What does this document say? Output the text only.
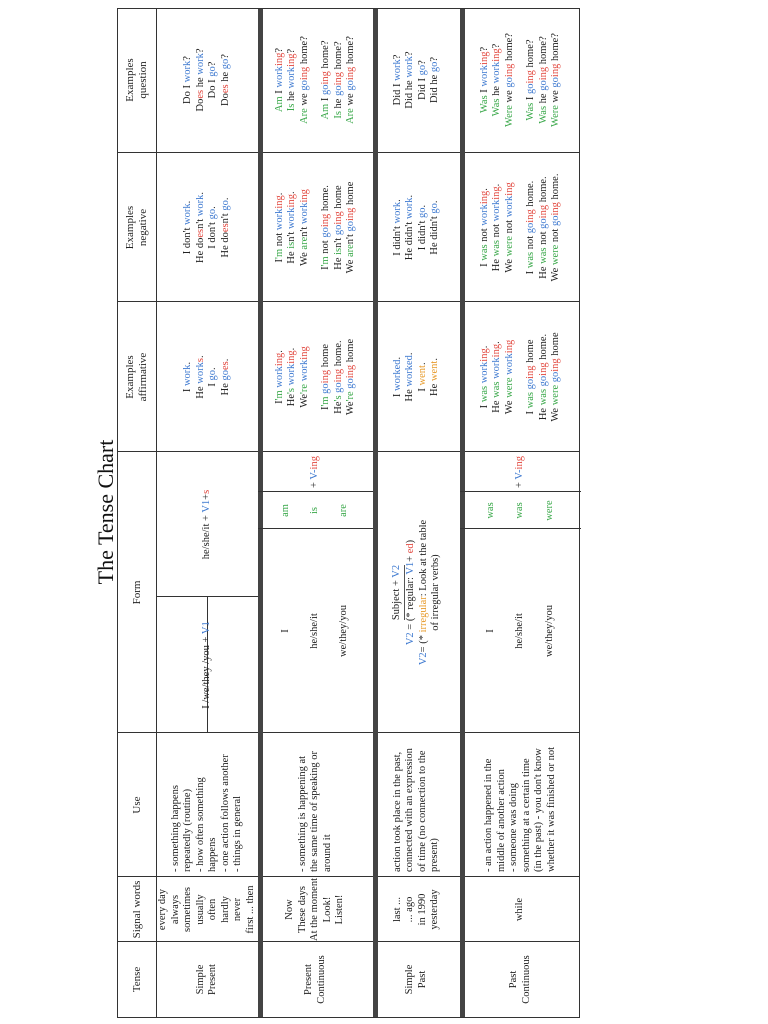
The Tense Chart
Tense
Signal words
Use
Form
Examples affirmative
Examples negative
Examples question
Simple Present
every day always sometimes usually often hardly never first ... then
- something happens repeatedly (routine) - how often something happens - one action follows another - things in general
I /we/they /you + V1
he/she/it + V1+s
I work.
He works.
I go.
He goes.
I don't work.
He doesn't work.
I don't go.
He doesn't go.
Do I work?
Does he work?
Do I go?
Does he go?
Present Continuous
Now These days At the moment Look! Listen!
- something is happening at the same time of speaking or around it
I he/she/it we/they/you
am is are
+ V-ing
I'm working.
He's working.
We're working
I'm going home
He's going home.
We're going home
I'm not working.
He isn't working.
We aren't working
I'm not going home.
He isn't going home
We aren't going home
Am I working?
Is he working?
Are we going home?
Am I going home?
Is he going home?
Are we going home?
Simple Past
last ... ... ago in 1990 yesterday
action took place in the past, connected with an expression of time (no connection to the present)
Subject + V2
V2 = (* regular: V1+ ed)
V2= (* irregular: Look at the table of irregular verbs)
I worked.
He worked.
I went.
He went.
I didn't work.
He didn't work.
I didn't go.
He didn't go.
Did I work?
Did he work?
Did I go?
Did he go?
Past Continuous
while
- an action happened in the middle of another action - someone was doing something at a certain time (in the past) - you don't know whether it was finished or not
I he/she/it we/they/you
was was were
+ V-ing
I was working.
He was working.
We were working
I was going home
He was going home.
We were going home
I was not working.
He was not working.
We were not working
I was not going home.
He was not going home.
We were not going home.
Was I working?
Was he working?
Were we going home?
Was I going home?
Was he going home?
Were we going home?
